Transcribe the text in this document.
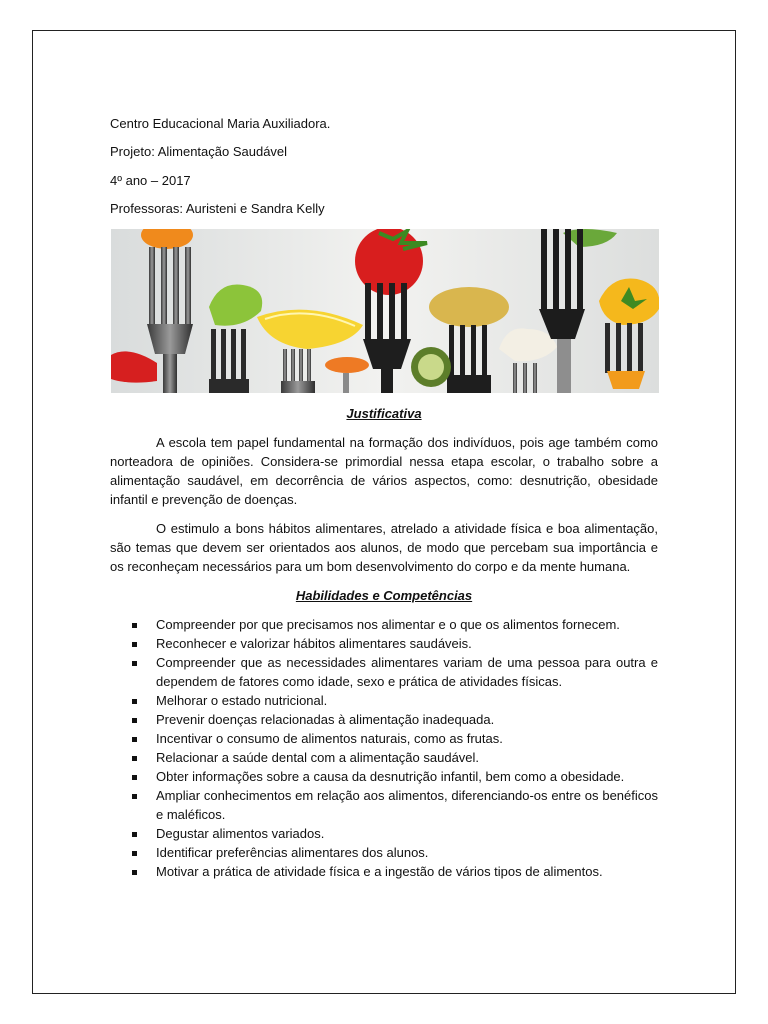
Centro Educacional Maria Auxiliadora.

Projeto: Alimentação Saudável

4º ano – 2017

Professoras: Auristeni e Sandra Kelly

Justificativa

A escola tem papel fundamental na formação dos indivíduos, pois age também como norteadora de opiniões. Considera-se primordial nessa etapa escolar, o trabalho sobre a alimentação saudável, em decorrência de vários aspectos, como: desnutrição, obesidade infantil e prevenção de doenças.

O estimulo a bons hábitos alimentares, atrelado a atividade física e boa alimentação, são temas que devem ser orientados aos alunos, de modo que percebam sua importância e os reconheçam necessários para um bom desenvolvimento do corpo e da mente humana.

Habilidades e Competências

Compreender por que precisamos nos alimentar e o que os alimentos fornecem.
Reconhecer e valorizar hábitos alimentares saudáveis.
Compreender que as necessidades alimentares variam de uma pessoa para outra e dependem de fatores como idade, sexo e prática de atividades físicas.
Melhorar o estado nutricional.
Prevenir doenças relacionadas à alimentação inadequada.
Incentivar o consumo de alimentos naturais, como as frutas.
Relacionar a saúde dental com a alimentação saudável.
Obter informações sobre a causa da desnutrição infantil, bem como a obesidade.
Ampliar conhecimentos em relação aos alimentos, diferenciando-os entre os benéficos e maléficos.
Degustar alimentos variados.
Identificar preferências alimentares dos alunos.
Motivar a prática de atividade física e a ingestão de vários tipos de alimentos.
